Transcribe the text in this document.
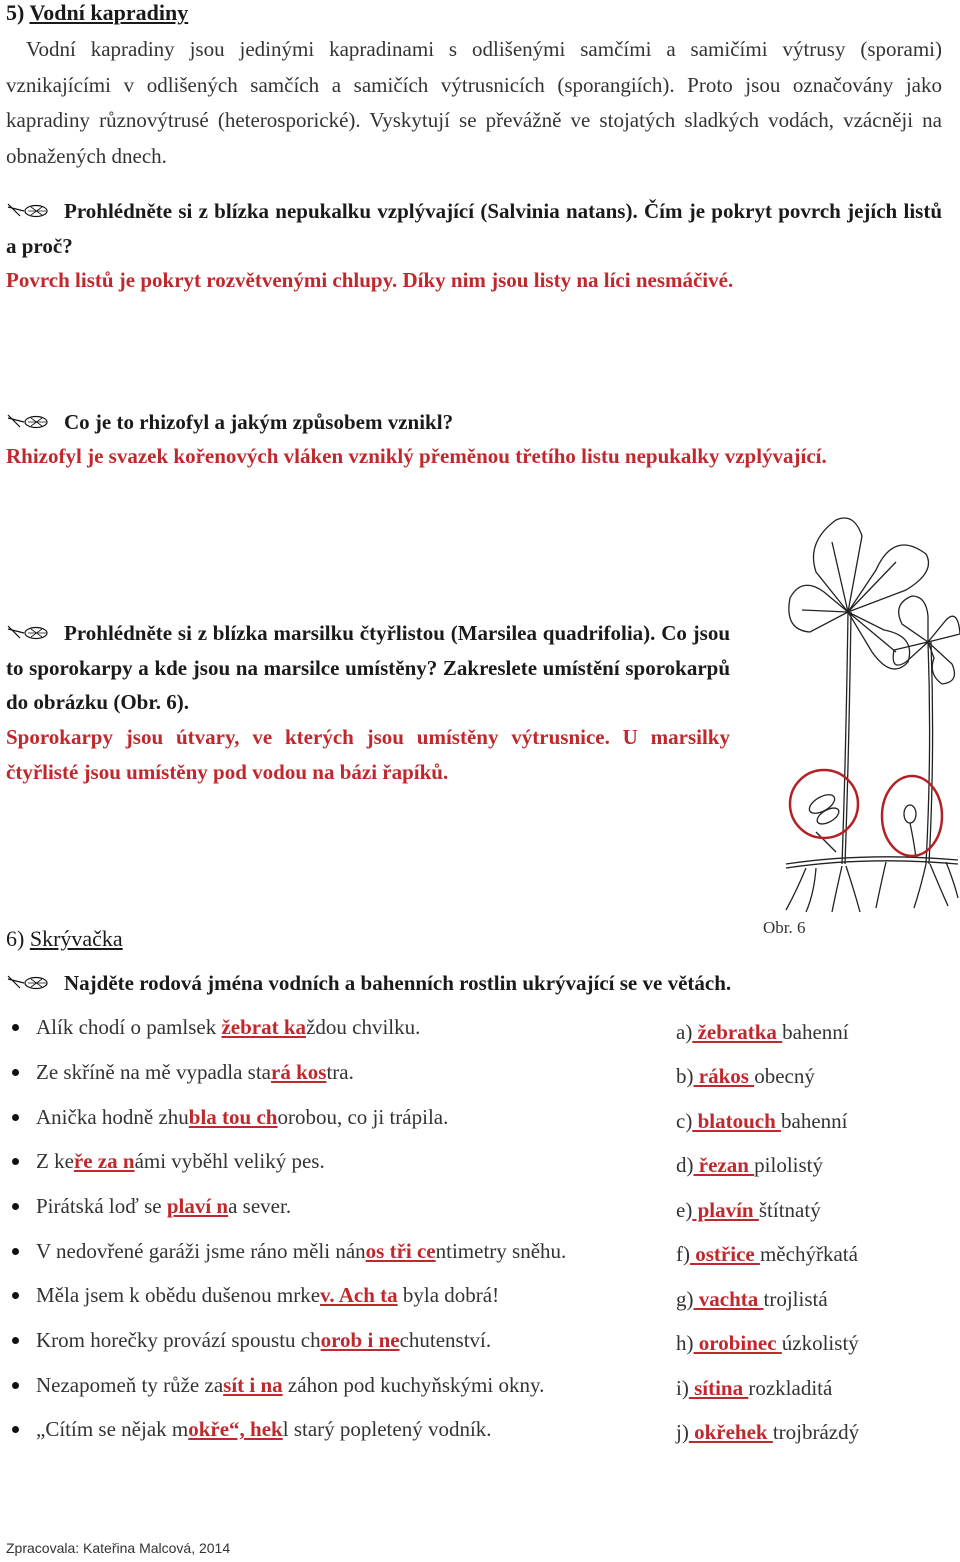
5) Vodní kapradiny
Vodní kapradiny jsou jedinými kapradinami s odlišenými samčími a samičími výtrusy (sporami) vznikajícími v odlišených samčích a samičích výtrusnicích (sporangiích). Proto jsou označovány jako kapradiny různovýtrusé (heterosporické). Vyskytují se převážně ve stojatých sladkých vodách, vzácněji na obnažených dnech.
Prohlédněte si z blízka nepukalku vzplývající (Salvinia natans). Čím je pokryt povrch jejích listů a proč?
Povrch listů je pokryt rozvětvenými chlupy. Díky nim jsou listy na líci nesmáčivé.
Co je to rhizofyl a jakým způsobem vznikl?
Rhizofyl je svazek kořenových vláken vzniklý přeměnou třetího listu nepukalky vzplývající.
Prohlédněte si z blízka marsilku čtyřlistou (Marsilea quadrifolia). Co jsou to sporokarpy a kde jsou na marsilce umístěny? Zakreslete umístění sporokarpů do obrázku (Obr. 6).
Sporokarpy jsou útvary, ve kterých jsou umístěny výtrusnice. U marsilky čtyřlisté jsou umístěny pod vodou na bázi řapíků.
Obr. 6
6) Skrývačka
Najděte rodová jména vodních a bahenních rostlin ukrývající se ve větách.
Alík chodí o pamlsek žebrat každou chvilku.
Ze skříně na mě vypadla stará kostra.
Anička hodně zhubla tou chorobou, co ji trápila.
Z keře za námi vyběhl veliký pes.
Pirátská loď se plaví na sever.
V nedovřené garáži jsme ráno měli nános tři centimetry sněhu.
Měla jsem k obědu dušenou mrkev. Ach ta byla dobrá!
Krom horečky provází spoustu chorob i nechutenství.
Nezapomeň ty růže zasít i na záhon pod kuchyňskými okny.
„Cítím se nějak mokře“, hekl starý popletený vodník.
a) žebratka bahenní
b) rákos obecný
c) blatouch bahenní
d) řezan pilolistý
e) plavín štítnatý
f) ostřice měchýřkatá
g) vachta trojlistá
h) orobinec úzkolistý
i) sítina rozkladitá
j) okřehek trojbrázdý
Zpracovala: Kateřina Malcová, 2014
